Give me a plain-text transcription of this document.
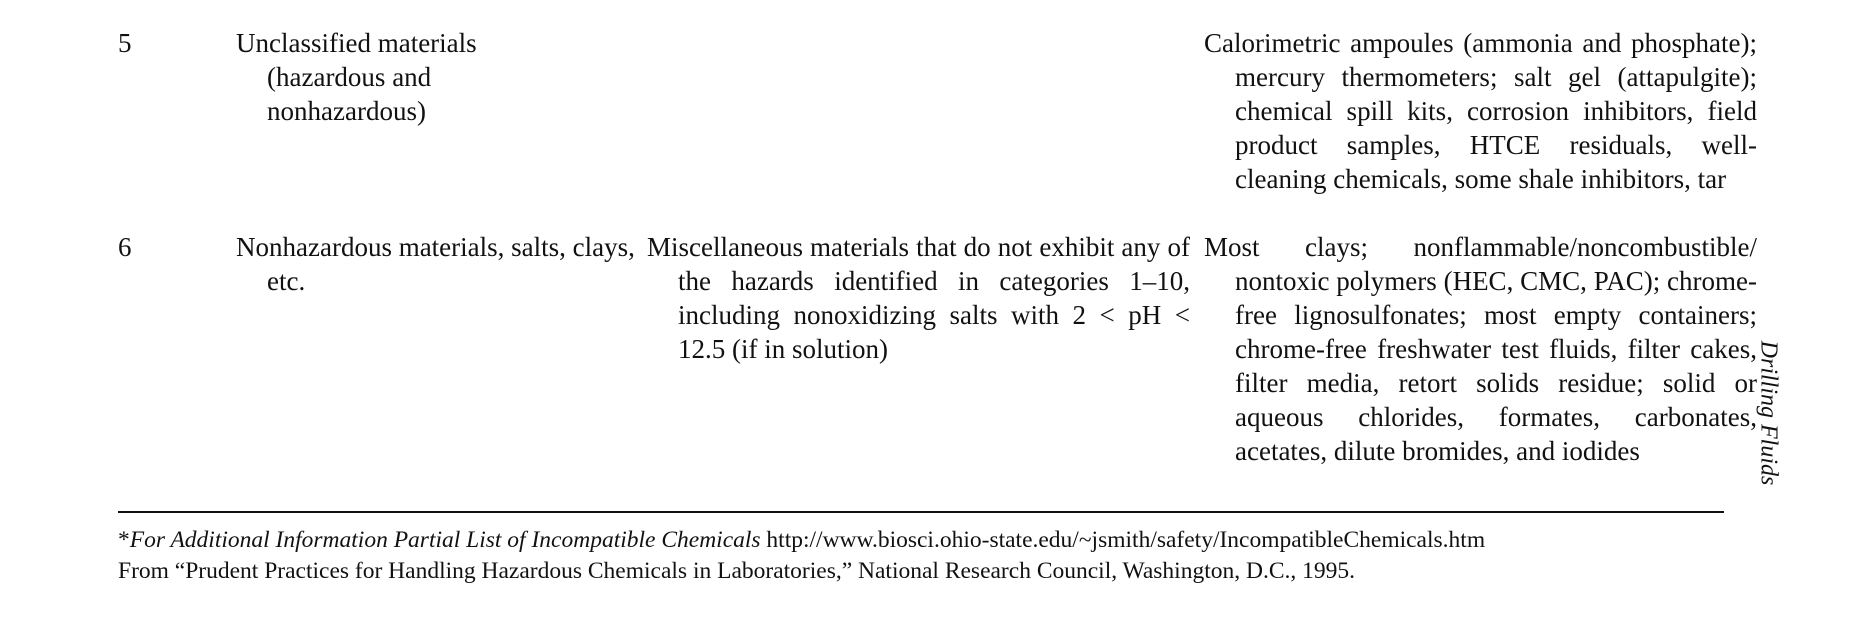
5	Unclassified materials (hazardous and nonhazardous)
Calorimetric ampoules (ammonia and phosphate); mercury thermometers; salt gel (attapulgite); chemical spill kits, corrosion inhibitors, field product samples, HTCE residuals, well-cleaning chemicals, some shale inhibitors, tar
6	Nonhazardous materials, salts, clays, etc.
Miscellaneous materials that do not exhibit any of the hazards identified in categories 1–10, including nonoxidizing salts with 2 < pH < 12.5 (if in solution)
Most clays; nonflammable/noncombustible/ nontoxic polymers (HEC, CMC, PAC); chrome-free lignosulfonates; most empty containers; chrome-free freshwater test fluids, filter cakes, filter media, retort solids residue; solid or aqueous chlorides, formates, carbonates, acetates, dilute bromides, and iodides
*For Additional Information Partial List of Incompatible Chemicals http://www.biosci.ohio-state.edu/~jsmith/safety/IncompatibleChemicals.htm
From “Prudent Practices for Handling Hazardous Chemicals in Laboratories,” National Research Council, Washington, D.C., 1995.
Drilling Fluids
